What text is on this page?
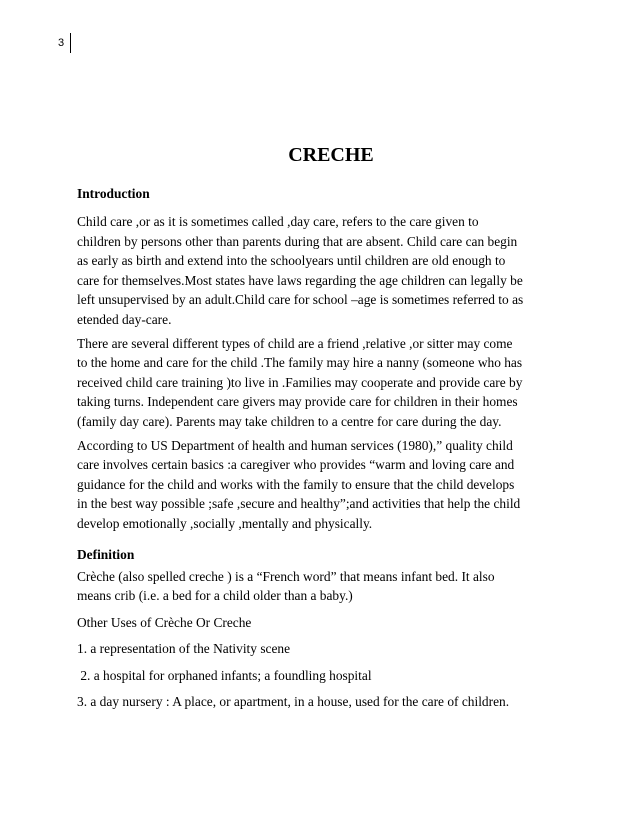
3
CRECHE
Introduction
Child care ,or as it is sometimes called ,day care, refers to the care given to
children by persons other than parents during that are absent. Child care can begin
as early as birth and extend into the schoolyears until children are old enough to
care for themselves.Most states have laws regarding the age children can legally be
left unsupervised by an adult.Child care for school –age is sometimes referred to as
etended day-care.
There are several different types of child are a friend ,relative ,or sitter may come
to the home and care for the child .The family may hire a nanny (someone who has
received child care training )to live in .Families may cooperate and provide care by
taking turns. Independent care givers may provide care for children in their homes
(family day care). Parents may take children to a centre for care during the day.
According to US Department of health and human services (1980),” quality child
care involves certain basics :a caregiver who provides “warm and loving care and
guidance for the child and works with the family to ensure that the child develops
in the best way possible ;safe ,secure and healthy”;and activities that help the child
develop emotionally ,socially ,mentally and physically.
Definition
Crèche (also spelled creche ) is a “French word” that means infant bed. It also
means crib (i.e. a bed for a child older than a baby.)
Other Uses of Crèche Or Creche
1. a representation of the Nativity scene
2. a hospital for orphaned infants; a foundling hospital
3. a day nursery : A place, or apartment, in a house, used for the care of children.
